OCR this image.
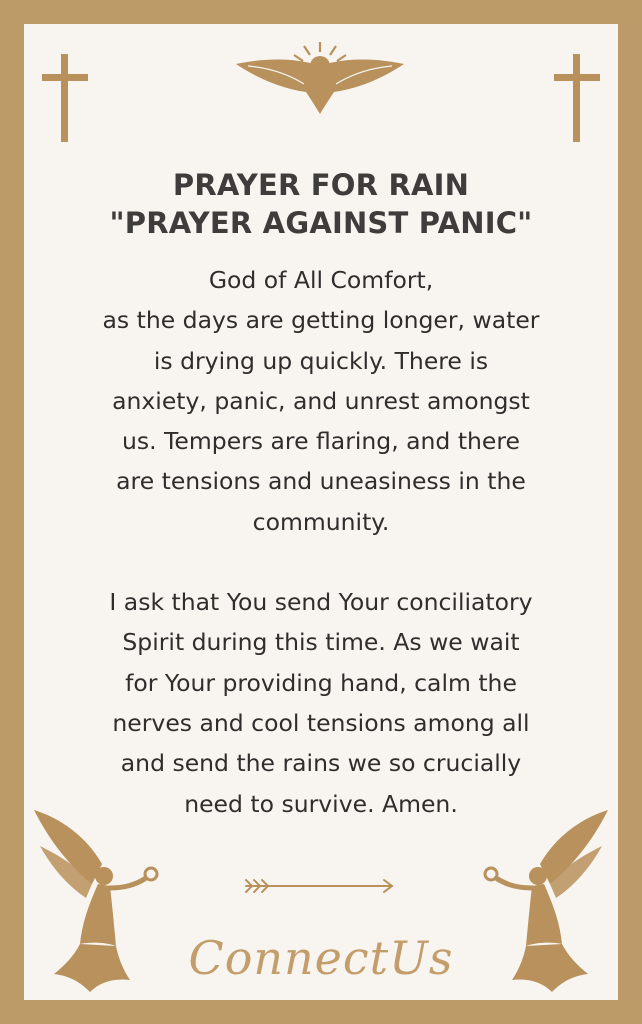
PRAYER FOR RAIN
"PRAYER AGAINST PANIC"
God of All Comfort,
as the days are getting longer, water
is drying up quickly. There is
anxiety, panic, and unrest amongst
us. Tempers are flaring, and there
are tensions and uneasiness in the
community.
I ask that You send Your conciliatory
Spirit during this time. As we wait
for Your providing hand, calm the
nerves and cool tensions among all
and send the rains we so crucially
need to survive. Amen.
ConnectUs
